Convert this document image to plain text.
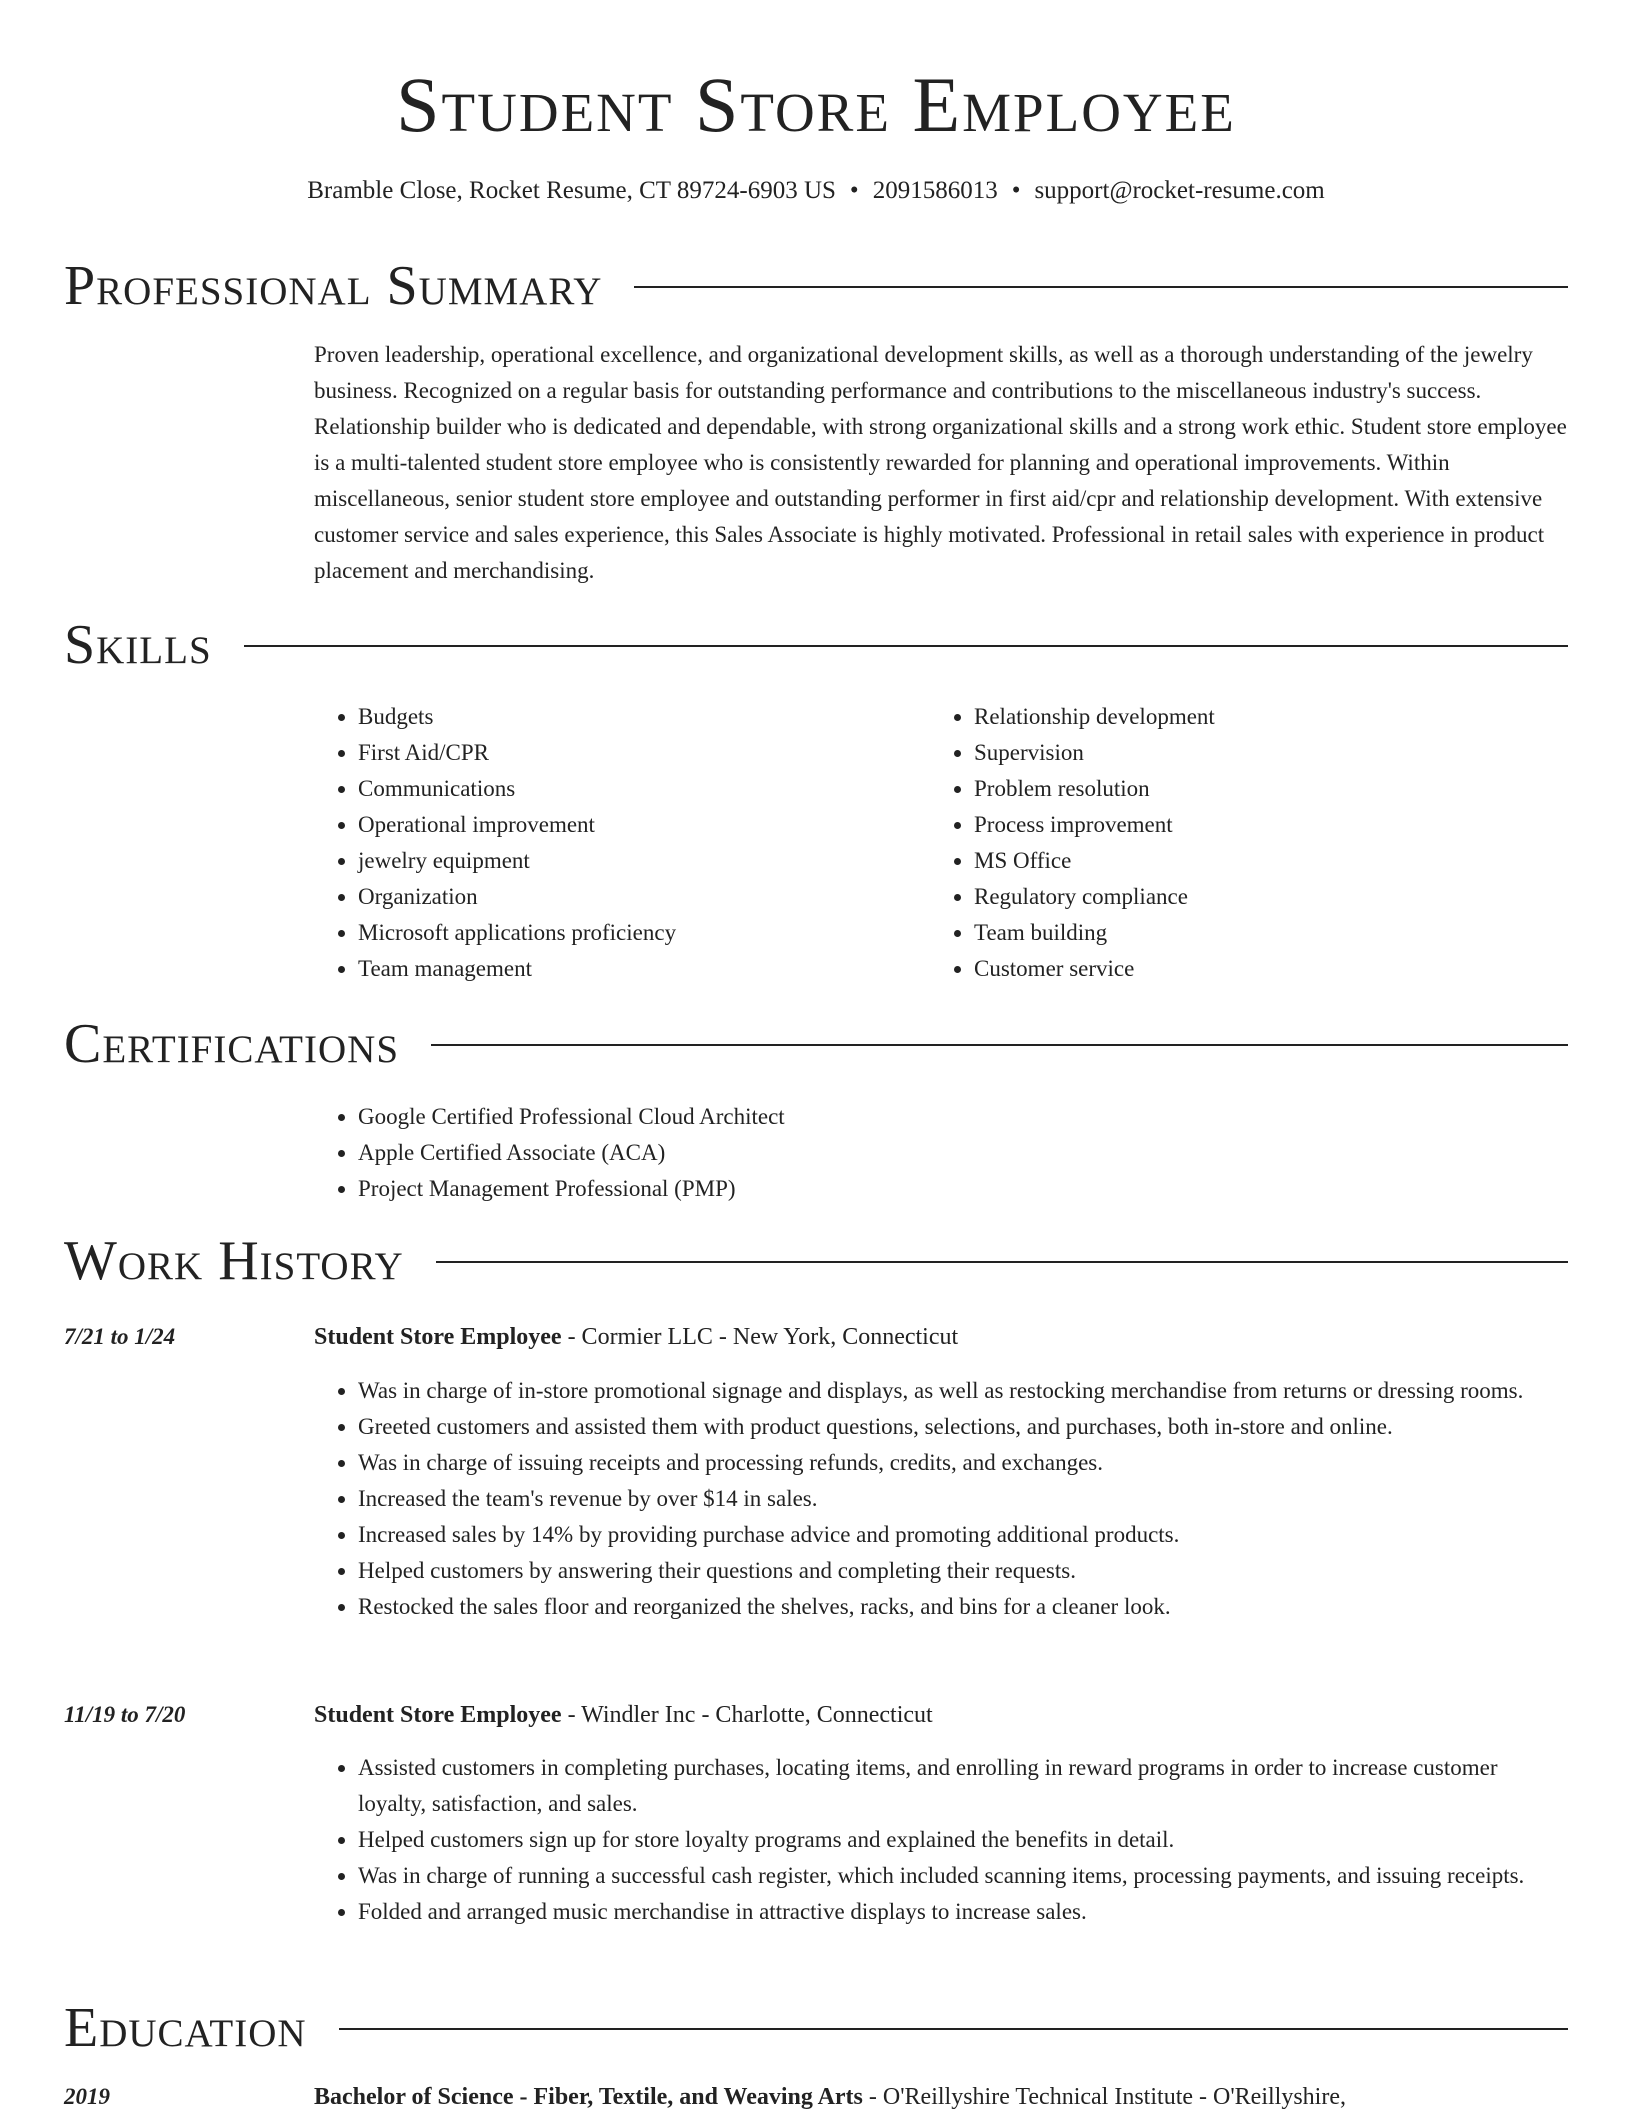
Student Store Employee
Bramble Close, Rocket Resume, CT 89724-6903 US • 2091586013 • support@rocket-resume.com
Professional Summary

Proven leadership, operational excellence, and organizational development skills, as well as a thorough understanding of the jewelry business. Recognized on a regular basis for outstanding performance and contributions to the miscellaneous industry's success. Relationship builder who is dedicated and dependable, with strong organizational skills and a strong work ethic. Student store employee is a multi-talented student store employee who is consistently rewarded for planning and operational improvements. Within miscellaneous, senior student store employee and outstanding performer in first aid/cpr and relationship development. With extensive customer service and sales experience, this Sales Associate is highly motivated. Professional in retail sales with experience in product placement and merchandising.

Skills
• Budgets
• First Aid/CPR
• Communications
• Operational improvement
• jewelry equipment
• Organization
• Microsoft applications proficiency
• Team management
• Relationship development
• Supervision
• Problem resolution
• Process improvement
• MS Office
• Regulatory compliance
• Team building
• Customer service
Certifications
• Google Certified Professional Cloud Architect
• Apple Certified Associate (ACA)
• Project Management Professional (PMP)
Work History
7/21 to 1/24	Student Store Employee - Cormier LLC - New York, Connecticut
• Was in charge of in-store promotional signage and displays, as well as restocking merchandise from returns or dressing rooms.
• Greeted customers and assisted them with product questions, selections, and purchases, both in-store and online.
• Was in charge of issuing receipts and processing refunds, credits, and exchanges.
• Increased the team's revenue by over $14 in sales.
• Increased sales by 14% by providing purchase advice and promoting additional products.
• Helped customers by answering their questions and completing their requests.
• Restocked the sales floor and reorganized the shelves, racks, and bins for a cleaner look.
11/19 to 7/20	Student Store Employee - Windler Inc - Charlotte, Connecticut
• Assisted customers in completing purchases, locating items, and enrolling in reward programs in order to increase customer loyalty, satisfaction, and sales.
• Helped customers sign up for store loyalty programs and explained the benefits in detail.
• Was in charge of running a successful cash register, which included scanning items, processing payments, and issuing receipts.
• Folded and arranged music merchandise in attractive displays to increase sales.
Education
2019	Bachelor of Science - Fiber, Textile, and Weaving Arts - O'Reillyshire Technical Institute - O'Reillyshire,
